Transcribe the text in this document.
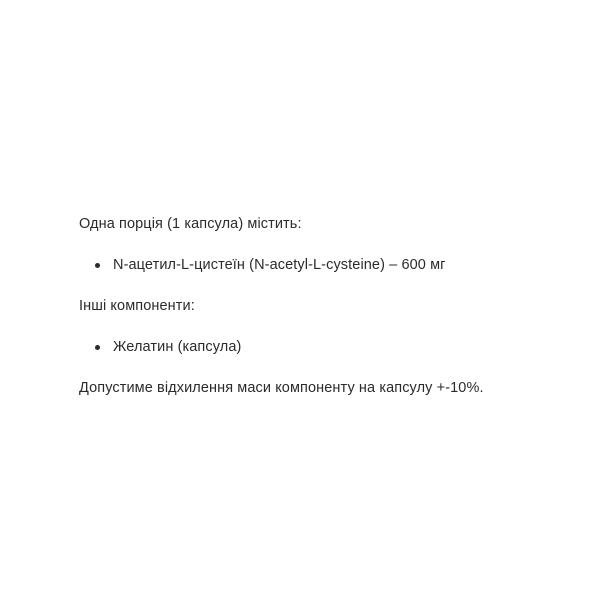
Одна порція (1 капсула) містить:

N-ацетил-L-цистеїн (N-acetyl-L-cysteine) – 600 мг

Інші компоненти:

Желатин (капсула)

Допустиме відхилення маси компоненту на капсулу +-10%.
